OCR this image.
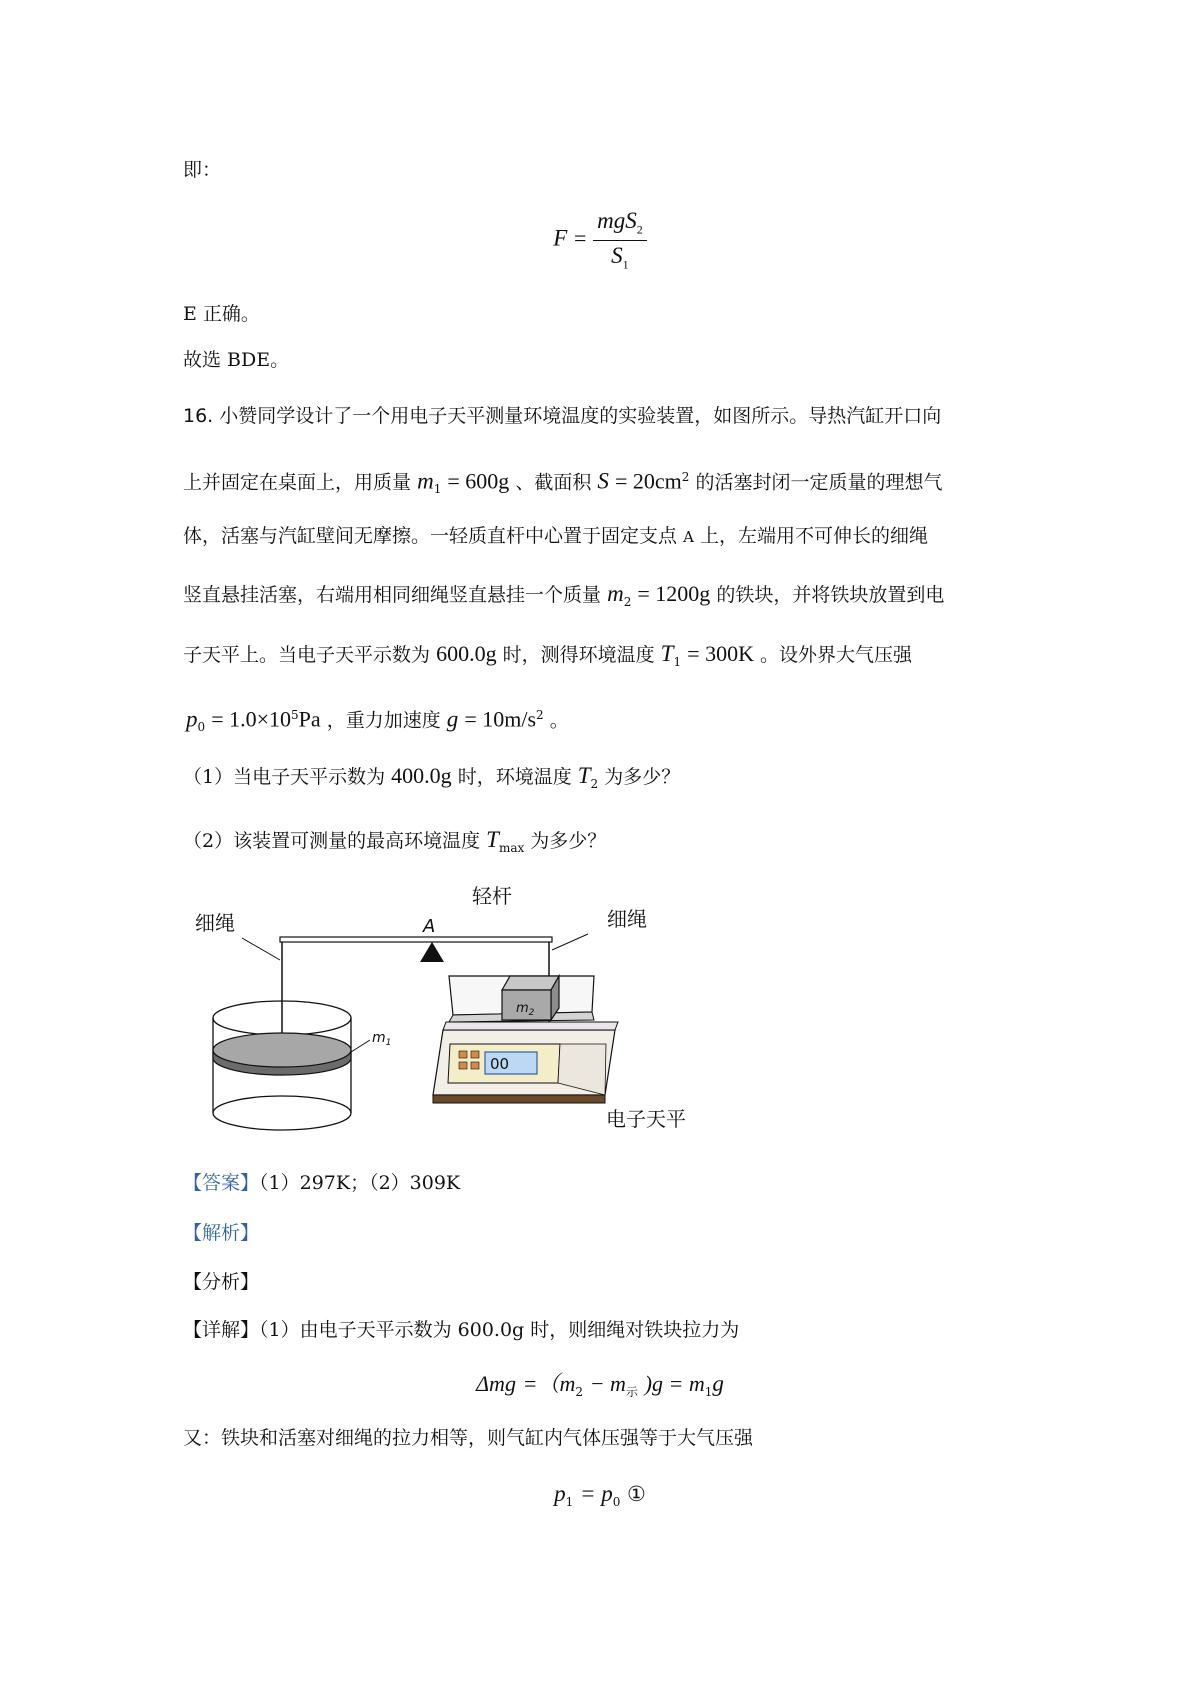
即：
$F = \frac{mgS_2}{S_1}$
E 正确。
故选 BDE。
16. 小赞同学设计了一个用电子天平测量环境温度的实验装置，如图所示。导热汽缸开口向
上并固定在桌面上，用质量 $m_1 = 600g$ 、截面积 $S = 20cm^2$ 的活塞封闭一定质量的理想气
体，活塞与汽缸壁间无摩擦。一轻质直杆中心置于固定支点 A 上，左端用不可伸长的细绳
竖直悬挂活塞，右端用相同细绳竖直悬挂一个质量 $m_2 = 1200g$ 的铁块，并将铁块放置到电
子天平上。当电子天平示数为 600.0g 时，测得环境温度 $T_1 = 300K$ 。设外界大气压强
$p_0 = 1.0\times 10^5Pa$ ，重力加速度 $g = 10m/s^2$ 。
（1）当电子天平示数为 400.0g 时，环境温度 $T_2$ 为多少？
（2）该装置可测量的最高环境温度 $T_{max}$ 为多少？
细绳
轻杆
A	细绳
$m_1$
00
$m_2$
电子天平
【答案】（1）297K；（2）309K
【解析】
【分析】
【详解】（1）由电子天平示数为 600.0g 时，则细绳对铁块拉力为
$\Delta mg =(m_2 - m_示$ )$g = m_1g$
又：铁块和活塞对细绳的拉力相等，则气缸内气体压强等于大气压强
$p_1 = p_0$ ①
